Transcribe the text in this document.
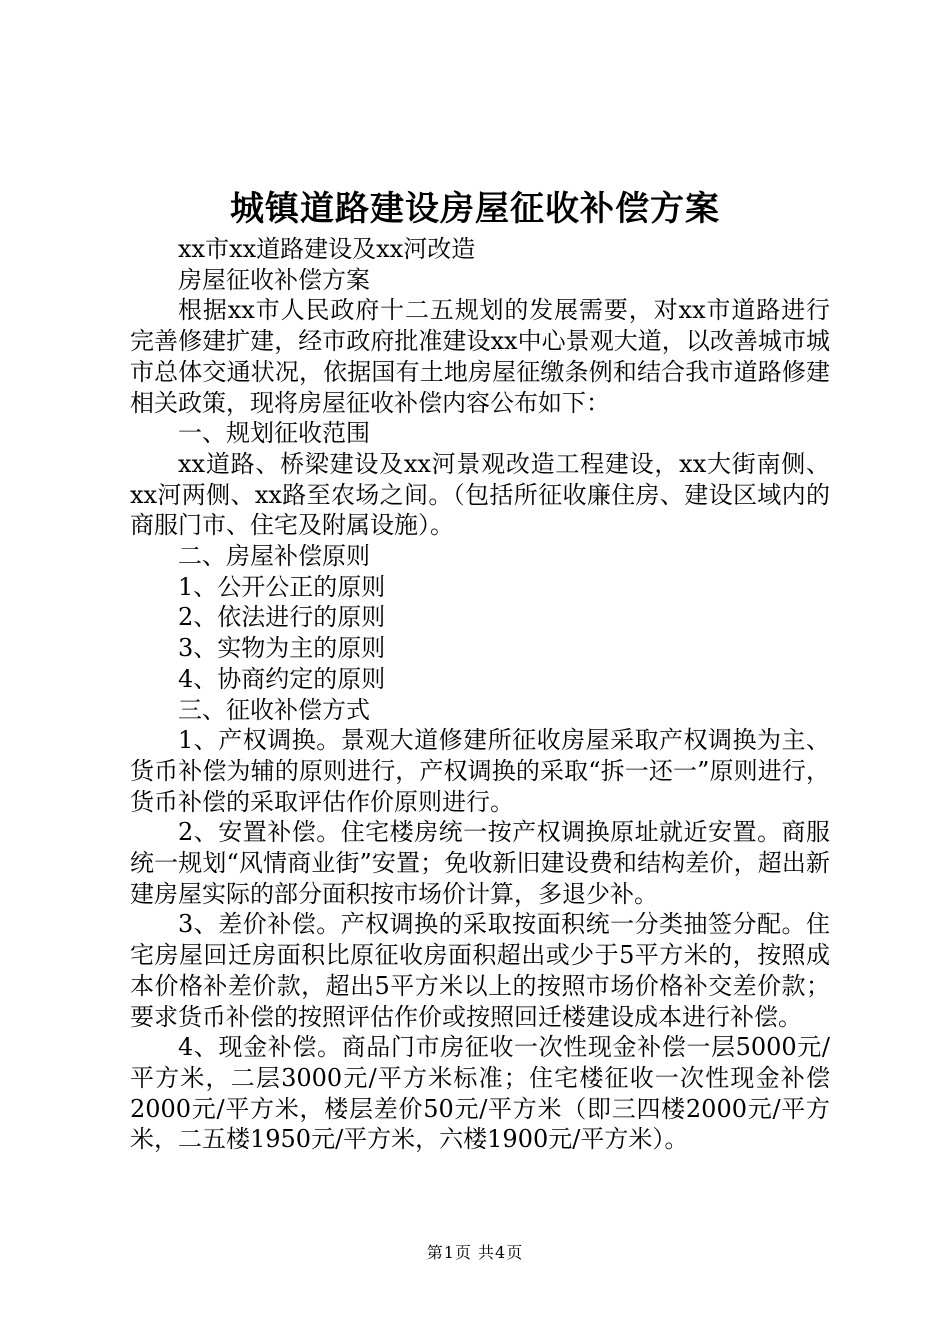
城镇道路建设房屋征收补偿方案

xx市xx道路建设及xx河改造

房屋征收补偿方案

根据xx市人民政府十二五规划的发展需要，对xx市道路进行完善修建扩建，经市政府批准建设xx中心景观大道，以改善城市城市总体交通状况，依据国有土地房屋征缴条例和结合我市道路修建相关政策，现将房屋征收补偿内容公布如下：

一、规划征收范围

xx道路、桥梁建设及xx河景观改造工程建设，xx大街南侧、xx河两侧、xx路至农场之间。（包括所征收廉住房、建设区域内的商服门市、住宅及附属设施）。

二、房屋补偿原则

1、公开公正的原则

2、依法进行的原则

3、实物为主的原则

4、协商约定的原则

三、征收补偿方式

1、产权调换。景观大道修建所征收房屋采取产权调换为主、货币补偿为辅的原则进行，产权调换的采取“拆一还一”原则进行，货币补偿的采取评估作价原则进行。

2、安置补偿。住宅楼房统一按产权调换原址就近安置。商服统一规划“风情商业街”安置；免收新旧建设费和结构差价，超出新建房屋实际的部分面积按市场价计算，多退少补。

3、差价补偿。产权调换的采取按面积统一分类抽签分配。住宅房屋回迁房面积比原征收房面积超出或少于5平方米的，按照成本价格补差价款，超出5平方米以上的按照市场价格补交差价款；要求货币补偿的按照评估作价或按照回迁楼建设成本进行补偿。

4、现金补偿。商品门市房征收一次性现金补偿一层5000元/平方米，二层3000元/平方米标准；住宅楼征收一次性现金补偿2000元/平方米，楼层差价50元/平方米（即三四楼2000元/平方米，二五楼1950元/平方米，六楼1900元/平方米）。

第1页 共4页
